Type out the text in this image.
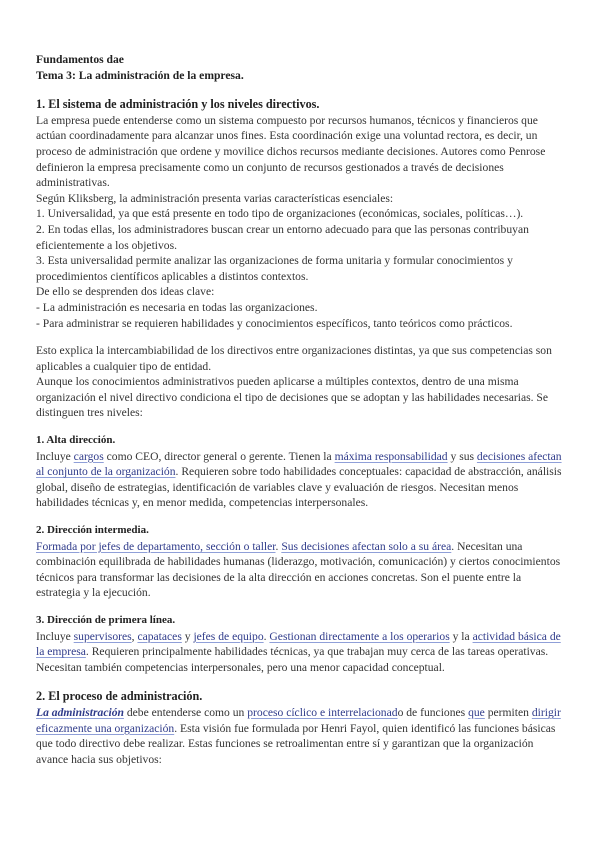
Fundamentos dae

Tema 3: La administración de la empresa.

1. El sistema de administración y los niveles directivos.

La empresa puede entenderse como un sistema compuesto por recursos humanos, técnicos y financieros que actúan coordinadamente para alcanzar unos fines. Esta coordinación exige una voluntad rectora, es decir, un proceso de administración que ordene y movilice dichos recursos mediante decisiones. Autores como Penrose definieron la empresa precisamente como un conjunto de recursos gestionados a través de decisiones administrativas.

Según Kliksberg, la administración presenta varias características esenciales:

1. Universalidad, ya que está presente en todo tipo de organizaciones (económicas, sociales, políticas…).

2. En todas ellas, los administradores buscan crear un entorno adecuado para que las personas contribuyan eficientemente a los objetivos.

3. Esta universalidad permite analizar las organizaciones de forma unitaria y formular conocimientos y procedimientos científicos aplicables a distintos contextos.

De ello se desprenden dos ideas clave:

- La administración es necesaria en todas las organizaciones.

- Para administrar se requieren habilidades y conocimientos específicos, tanto teóricos como prácticos.

Esto explica la intercambiabilidad de los directivos entre organizaciones distintas, ya que sus competencias son aplicables a cualquier tipo de entidad.

Aunque los conocimientos administrativos pueden aplicarse a múltiples contextos, dentro de una misma organización el nivel directivo condiciona el tipo de decisiones que se adoptan y las habilidades necesarias. Se distinguen tres niveles:

1. Alta dirección.

Incluye cargos como CEO, director general o gerente. Tienen la máxima responsabilidad y sus decisiones afectan al conjunto de la organización. Requieren sobre todo habilidades conceptuales: capacidad de abstracción, análisis global, diseño de estrategias, identificación de variables clave y evaluación de riesgos. Necesitan menos habilidades técnicas y, en menor medida, competencias interpersonales.

2. Dirección intermedia.

Formada por jefes de departamento, sección o taller. Sus decisiones afectan solo a su área. Necesitan una combinación equilibrada de habilidades humanas (liderazgo, motivación, comunicación) y ciertos conocimientos técnicos para transformar las decisiones de la alta dirección en acciones concretas. Son el puente entre la estrategia y la ejecución.

3. Dirección de primera línea.

Incluye supervisores, capataces y jefes de equipo. Gestionan directamente a los operarios y la actividad básica de la empresa. Requieren principalmente habilidades técnicas, ya que trabajan muy cerca de las tareas operativas. Necesitan también competencias interpersonales, pero una menor capacidad conceptual.

2. El proceso de administración.

La administración debe entenderse como un proceso cíclico e interrelacionado de funciones que permiten dirigir eficazmente una organización. Esta visión fue formulada por Henri Fayol, quien identificó las funciones básicas que todo directivo debe realizar. Estas funciones se retroalimentan entre sí y garantizan que la organización avance hacia sus objetivos:
